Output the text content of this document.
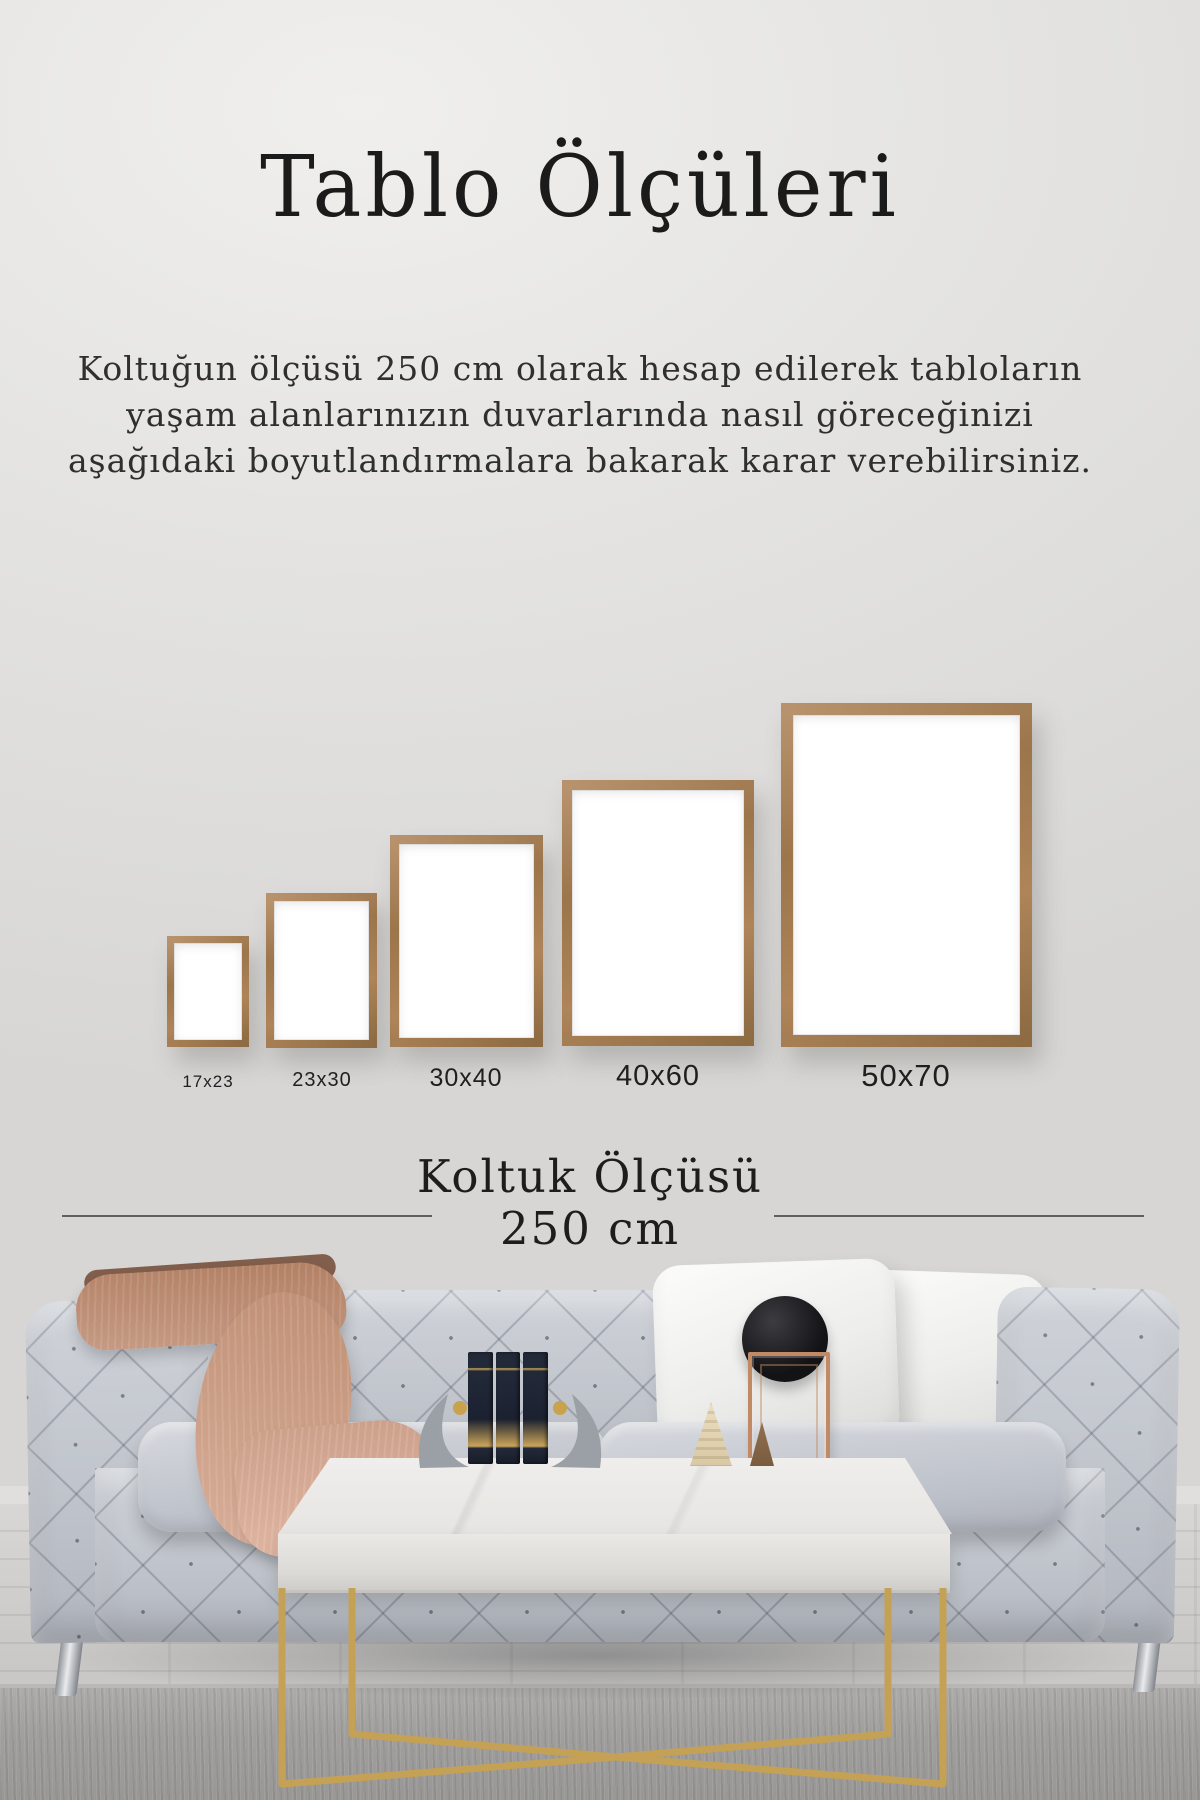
Tablo Ölçüleri
Koltuğun ölçüsü 250 cm olarak hesap edilerek tabloların
yaşam alanlarınızın duvarlarında nasıl göreceğinizi
aşağıdaki boyutlandırmalara bakarak karar verebilirsiniz.
17x23	23x30	30x40	40x60	50x70
Koltuk Ölçüsü
250 cm
